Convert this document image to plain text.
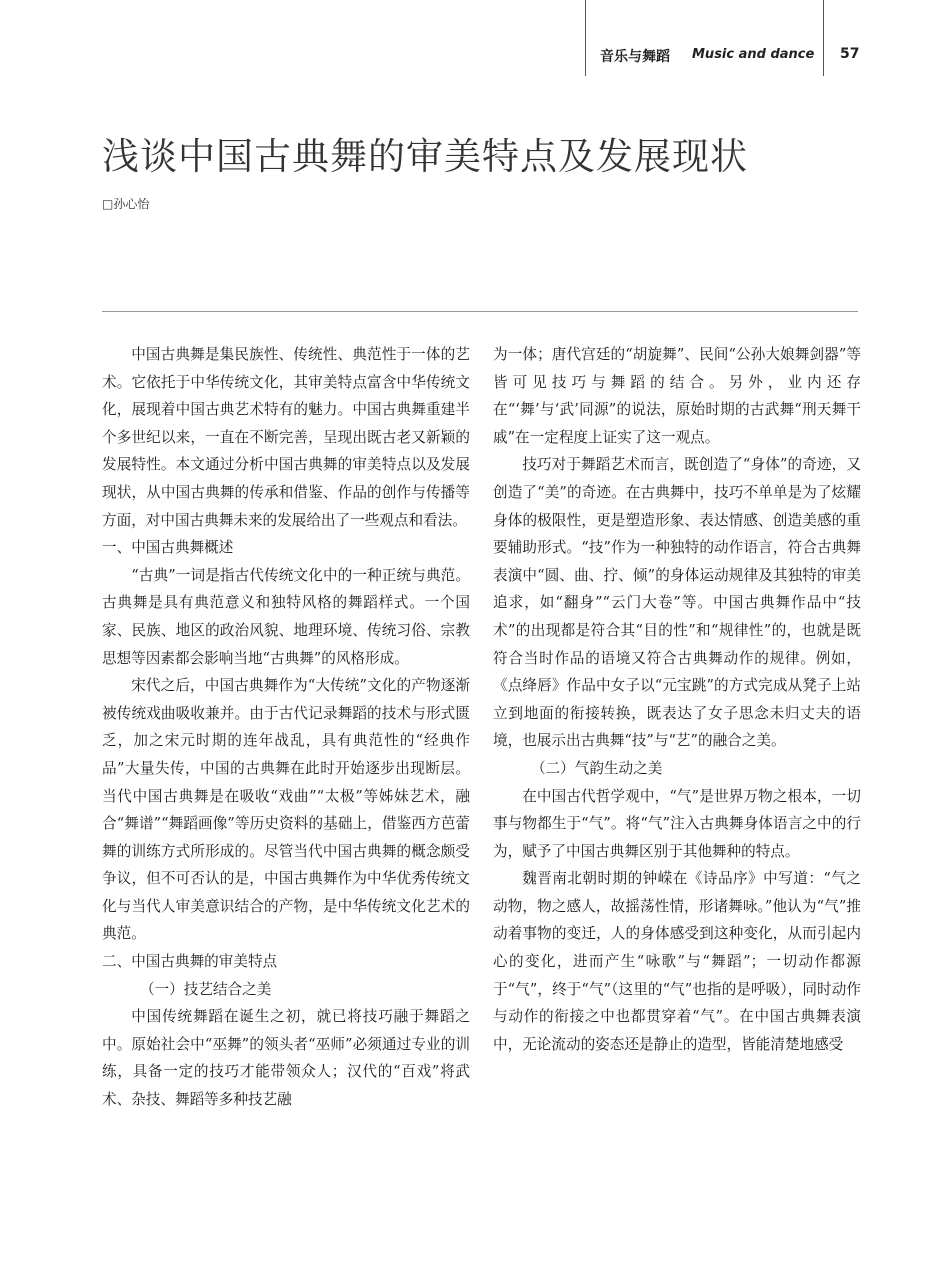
音乐与舞蹈 Music and dance 57
浅谈中国古典舞的审美特点及发展现状
□孙心怡

中国古典舞是集民族性、传统性、典范性于一体的艺术。它依托于中华传统文化，其审美特点富含中华传统文化，展现着中国古典艺术特有的魅力。中国古典舞重建半个多世纪以来，一直在不断完善，呈现出既古老又新颖的发展特性。本文通过分析中国古典舞的审美特点以及发展现状，从中国古典舞的传承和借鉴、作品的创作与传播等方面，对中国古典舞未来的发展给出了一些观点和看法。

一、中国古典舞概述

“古典”一词是指古代传统文化中的一种正统与典范。古典舞是具有典范意义和独特风格的舞蹈样式。一个国家、民族、地区的政治风貌、地理环境、传统习俗、宗教思想等因素都会影响当地“古典舞”的风格形成。

宋代之后，中国古典舞作为“大传统”文化的产物逐渐被传统戏曲吸收兼并。由于古代记录舞蹈的技术与形式匮乏，加之宋元时期的连年战乱，具有典范性的“经典作品”大量失传，中国的古典舞在此时开始逐步出现断层。当代中国古典舞是在吸收“戏曲”“太极”等姊妹艺术，融合“舞谱”“舞蹈画像”等历史资料的基础上，借鉴西方芭蕾舞的训练方式所形成的。尽管当代中国古典舞的概念颇受争议，但不可否认的是，中国古典舞作为中华优秀传统文化与当代人审美意识结合的产物，是中华传统文化艺术的典范。

二、中国古典舞的审美特点

（一）技艺结合之美

中国传统舞蹈在诞生之初，就已将技巧融于舞蹈之中。原始社会中“巫舞”的领头者“巫师”必须通过专业的训练，具备一定的技巧才能带领众人；汉代的“百戏”将武术、杂技、舞蹈等多种技艺融

为一体；唐代宫廷的“胡旋舞”、民间“公孙大娘舞剑器”等皆可见技巧与舞蹈的结合。另外，业内还存在“‘舞’与‘武’同源”的说法，原始时期的古武舞“刑天舞干戚”在一定程度上证实了这一观点。

技巧对于舞蹈艺术而言，既创造了“身体”的奇迹，又创造了“美”的奇迹。在古典舞中，技巧不单单是为了炫耀身体的极限性，更是塑造形象、表达情感、创造美感的重要辅助形式。“技”作为一种独特的动作语言，符合古典舞表演中“圆、曲、拧、倾”的身体运动规律及其独特的审美追求，如“翻身”“云门大卷”等。中国古典舞作品中“技术”的出现都是符合其“目的性”和“规律性”的，也就是既符合当时作品的语境又符合古典舞动作的规律。例如，《点绛唇》作品中女子以“元宝跳”的方式完成从凳子上站立到地面的衔接转换，既表达了女子思念未归丈夫的语境，也展示出古典舞“技”与“艺”的融合之美。

（二）气韵生动之美

在中国古代哲学观中，“气”是世界万物之根本，一切事与物都生于“气”。将“气”注入古典舞身体语言之中的行为，赋予了中国古典舞区别于其他舞种的特点。

魏晋南北朝时期的钟嵘在《诗品序》中写道：“气之动物，物之感人，故摇荡性情，形诸舞咏。”他认为“气”推动着事物的变迁，人的身体感受到这种变化，从而引起内心的变化，进而产生“咏歌”与“舞蹈”；一切动作都源于“气”，终于“气”（这里的“气”也指的是呼吸），同时动作与动作的衔接之中也都贯穿着“气”。在中国古典舞表演中，无论流动的姿态还是静止的造型，皆能清楚地感受
